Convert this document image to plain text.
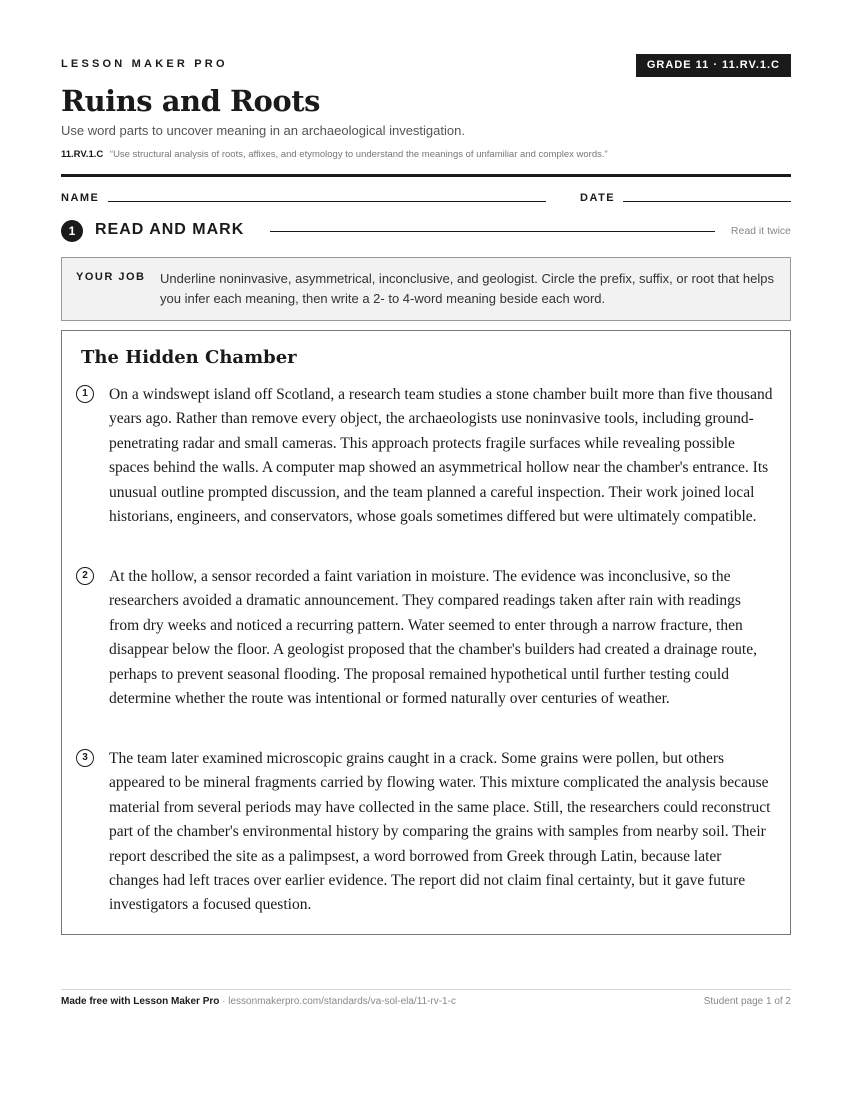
LESSON MAKER PRO	GRADE 11 · 11.RV.1.C
Ruins and Roots
Use word parts to uncover meaning in an archaeological investigation.
11.RV.1.C “Use structural analysis of roots, affixes, and etymology to understand the meanings of unfamiliar and complex words.”
NAME	DATE
1	READ AND MARK	Read it twice
YOUR JOB Underline noninvasive, asymmetrical, inconclusive, and geologist. Circle the prefix, suffix, or root that helps you infer each meaning, then write a 2- to 4-word meaning beside each word.
The Hidden Chamber
1	On a windswept island off Scotland, a research team studies a stone chamber built more than five thousand years ago. Rather than remove every object, the archaeologists use noninvasive tools, including ground-penetrating radar and small cameras. This approach protects fragile surfaces while revealing possible spaces behind the walls. A computer map showed an asymmetrical hollow near the chamber's entrance. Its unusual outline prompted discussion, and the team planned a careful inspection. Their work joined local historians, engineers, and conservators, whose goals sometimes differed but were ultimately compatible.

2	At the hollow, a sensor recorded a faint variation in moisture. The evidence was inconclusive, so the researchers avoided a dramatic announcement. They compared readings taken after rain with readings from dry weeks and noticed a recurring pattern. Water seemed to enter through a narrow fracture, then disappear below the floor. A geologist proposed that the chamber's builders had created a drainage route, perhaps to prevent seasonal flooding. The proposal remained hypothetical until further testing could determine whether the route was intentional or formed naturally over centuries of weather.

3	The team later examined microscopic grains caught in a crack. Some grains were pollen, but others appeared to be mineral fragments carried by flowing water. This mixture complicated the analysis because material from several periods may have collected in the same place. Still, the researchers could reconstruct part of the chamber's environmental history by comparing the grains with samples from nearby soil. Their report described the site as a palimpsest, a word borrowed from Greek through Latin, because later changes had left traces over earlier evidence. The report did not claim final certainty, but it gave future investigators a focused question.

Made free with Lesson Maker Pro · lessonmakerpro.com/standards/va-sol-ela/11-rv-1-c	Student page 1 of 2
